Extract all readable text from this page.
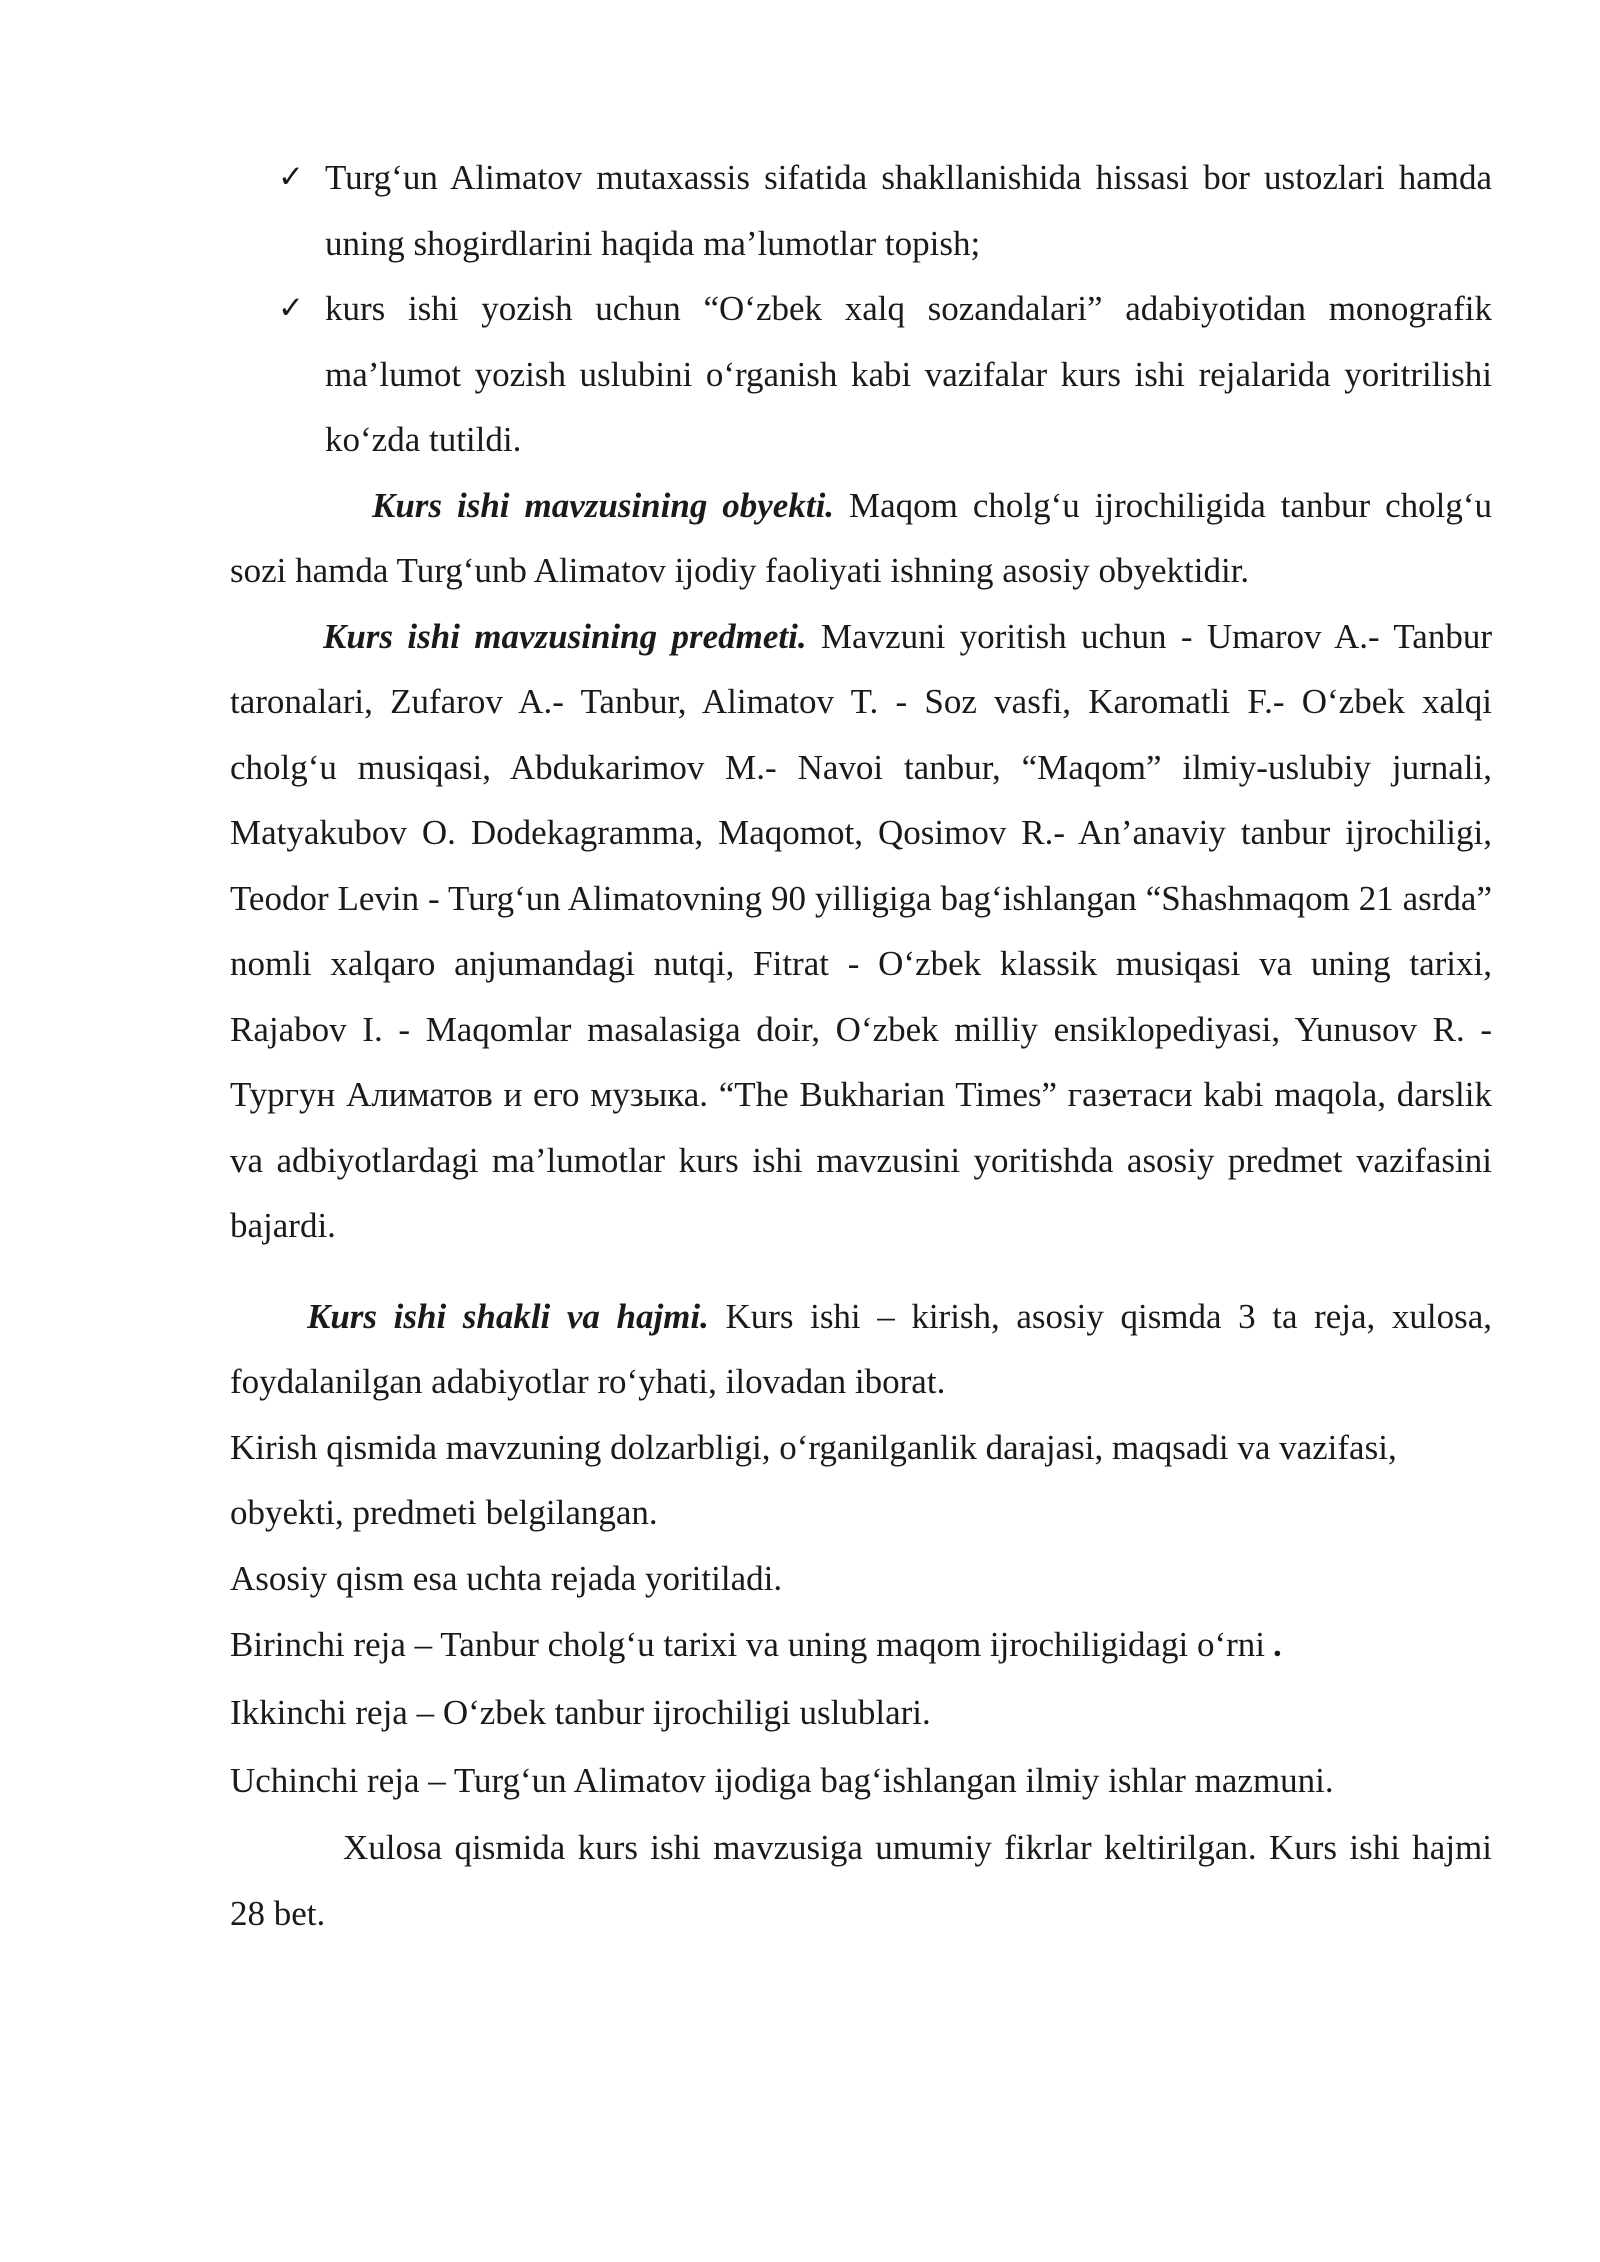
✓ Turg‘un Alimatov mutaxassis sifatida shakllanishida hissasi bor ustozlari hamda uning shogirdlarini haqida ma’lumotlar topish;
✓ kurs ishi yozish uchun “O‘zbek xalq sozandalari” adabiyotidan monografik ma’lumot yozish uslubini o‘rganish kabi vazifalar kurs ishi rejalarida yoritrilishi ko‘zda tutildi.

Kurs ishi mavzusining obyekti. Maqom cholg‘u ijrochiligida tanbur cholg‘u sozi hamda Turg‘unb Alimatov ijodiy faoliyati ishning asosiy obyektidir.

Kurs ishi mavzusining predmeti. Mavzuni yoritish uchun - Umarov A.- Tanbur taronalari, Zufarov A.- Tanbur, Alimatov T. - Soz vasfi, Karomatli F.- O‘zbek xalqi cholg‘u musiqasi, Abdukarimov M.- Navoi tanbur, “Maqom” ilmiy-uslubiy jurnali, Matyakubov O. Dodekagramma, Maqomot, Qosimov R.- An’anaviy tanbur ijrochiligi, Teodor Levin - Turg‘un Alimatovning 90 yilligiga bag‘ishlangan “Shashmaqom 21 asrda” nomli xalqaro anjumandagi nutqi, Fitrat - O‘zbek klassik musiqasi va uning tarixi, Rajabov I. - Maqomlar masalasiga doir, O‘zbek milliy ensiklopediyasi, Yunusov R. - Тургун Алиматов и его музыка. “The Bukharian Times” газетаси kabi maqola, darslik va adbiyotlardagi ma’lumotlar kurs ishi mavzusini yoritishda asosiy predmet vazifasini bajardi.

Kurs ishi shakli va hajmi. Kurs ishi – kirish, asosiy qismda 3 ta reja, xulosa, foydalanilgan adabiyotlar ro‘yhati, ilovadan iborat.

Kirish qismida mavzuning dolzarbligi, o‘rganilganlik darajasi, maqsadi va vazifasi, obyekti, predmeti belgilangan.

Asosiy qism esa uchta rejada yoritiladi.

Birinchi reja – Tanbur cholg‘u tarixi va uning maqom ijrochiligidagi o‘rni .

Ikkinchi reja – O‘zbek tanbur ijrochiligi uslublari.

Uchinchi reja – Turg‘un Alimatov ijodiga bag‘ishlangan ilmiy ishlar mazmuni.

Xulosa qismida kurs ishi mavzusiga umumiy fikrlar keltirilgan. Kurs ishi hajmi 28 bet.
